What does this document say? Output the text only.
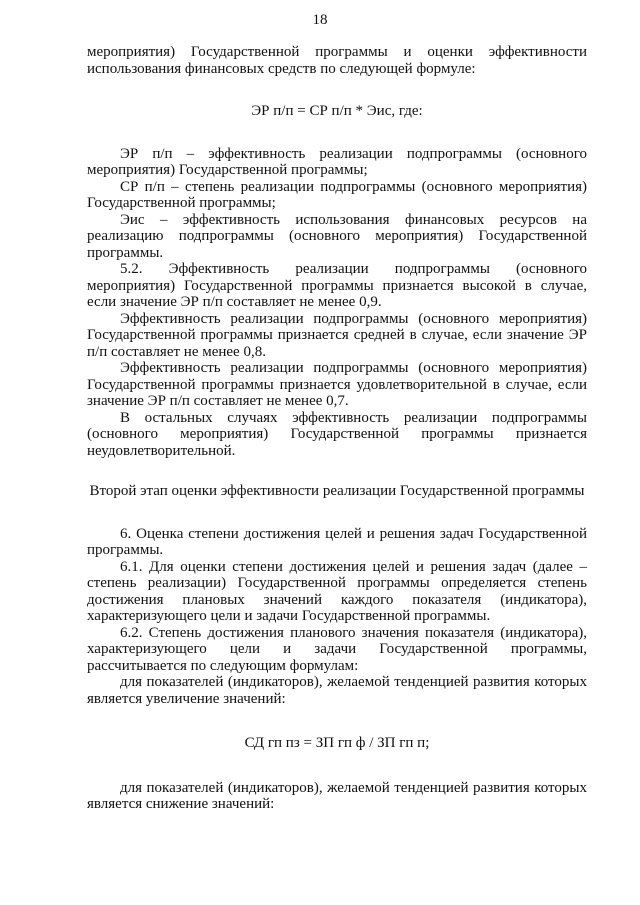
18

мероприятия) Государственной программы и оценки эффективности использования финансовых средств по следующей формуле:

ЭР п/п = СР п/п * Эис, где:

ЭР п/п – эффективность реализации подпрограммы (основного мероприятия) Государственной программы;

СР п/п – степень реализации подпрограммы (основного мероприятия) Государственной программы;

Эис – эффективность использования финансовых ресурсов на реализацию подпрограммы (основного мероприятия) Государственной программы.

5.2. Эффективность реализации подпрограммы (основного мероприятия) Государственной программы признается высокой в случае, если значение ЭР п/п составляет не менее 0,9.

Эффективность реализации подпрограммы (основного мероприятия) Государственной программы признается средней в случае, если значение ЭР п/п составляет не менее 0,8.

Эффективность реализации подпрограммы (основного мероприятия) Государственной программы признается удовлетворительной в случае, если значение ЭР п/п составляет не менее 0,7.

В остальных случаях эффективность реализации подпрограммы (основного мероприятия) Государственной программы признается неудовлетворительной.

Второй этап оценки эффективности реализации Государственной программы

6. Оценка степени достижения целей и решения задач Государственной программы.

6.1. Для оценки степени достижения целей и решения задач (далее – степень реализации) Государственной программы определяется степень достижения плановых значений каждого показателя (индикатора), характеризующего цели и задачи Государственной программы.

6.2. Степень достижения планового значения показателя (индикатора), характеризующего цели и задачи Государственной программы, рассчитывается по следующим формулам:

для показателей (индикаторов), желаемой тенденцией развития которых является увеличение значений:

СД гп пз = ЗП гп ф / ЗП гп п;

для показателей (индикаторов), желаемой тенденцией развития которых является снижение значений:
